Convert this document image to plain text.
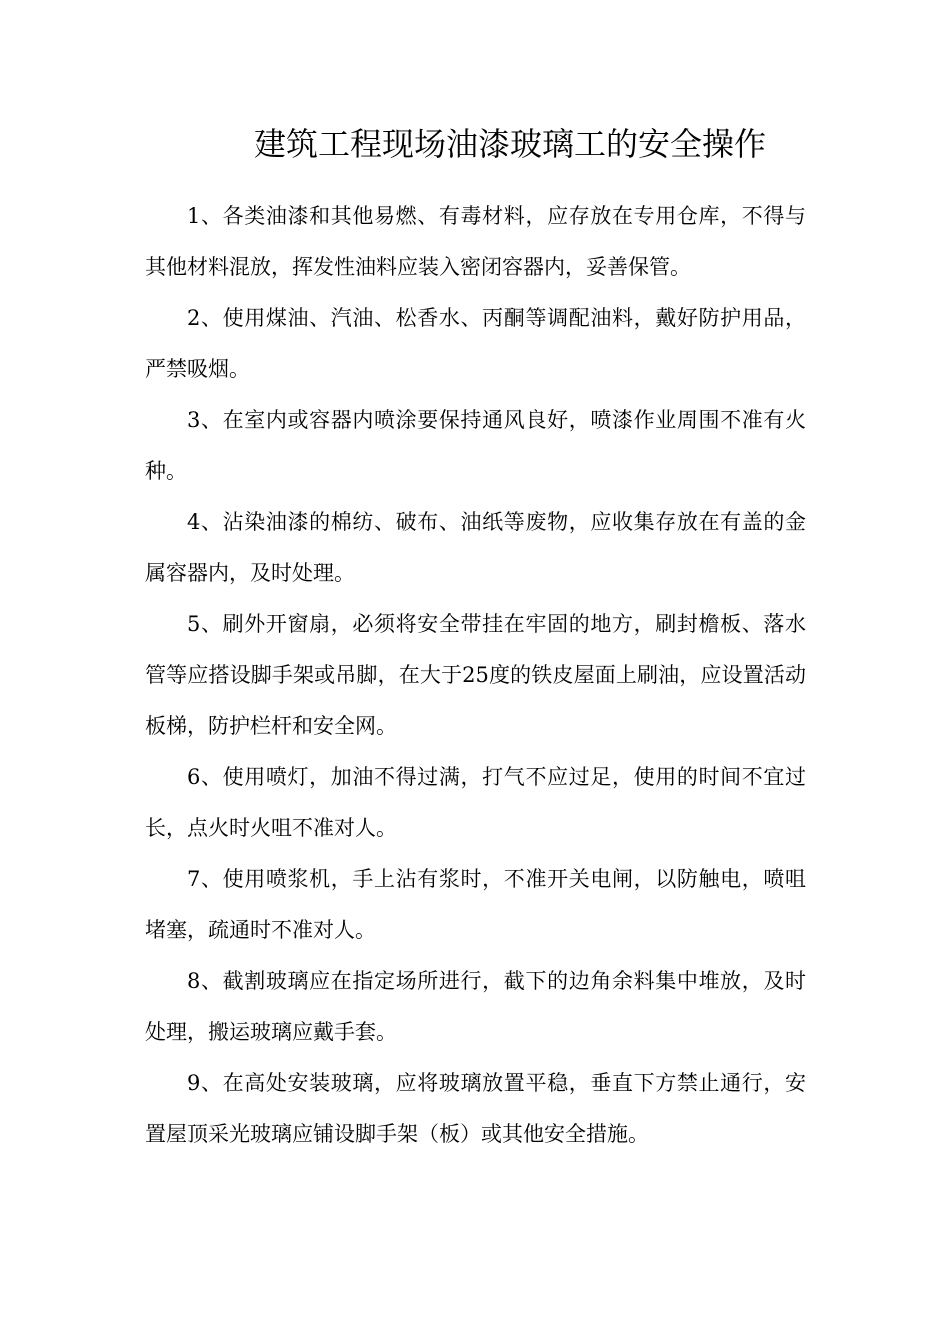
建筑工程现场油漆玻璃工的安全操作

1、各类油漆和其他易燃、有毒材料，应存放在专用仓库，不得与其他材料混放，挥发性油料应装入密闭容器内，妥善保管。

2、使用煤油、汽油、松香水、丙酮等调配油料，戴好防护用品，严禁吸烟。

3、在室内或容器内喷涂要保持通风良好，喷漆作业周围不准有火种。

4、沾染油漆的棉纺、破布、油纸等废物，应收集存放在有盖的金属容器内，及时处理。

5、刷外开窗扇，必须将安全带挂在牢固的地方，刷封檐板、落水管等应搭设脚手架或吊脚，在大于25度的铁皮屋面上刷油，应设置活动板梯，防护栏杆和安全网。

6、使用喷灯，加油不得过满，打气不应过足，使用的时间不宜过长，点火时火咀不准对人。

7、使用喷浆机，手上沾有浆时，不准开关电闸，以防触电，喷咀堵塞，疏通时不准对人。

8、截割玻璃应在指定场所进行，截下的边角余料集中堆放，及时处理，搬运玻璃应戴手套。

9、在高处安装玻璃，应将玻璃放置平稳，垂直下方禁止通行，安置屋顶采光玻璃应铺设脚手架（板）或其他安全措施。
